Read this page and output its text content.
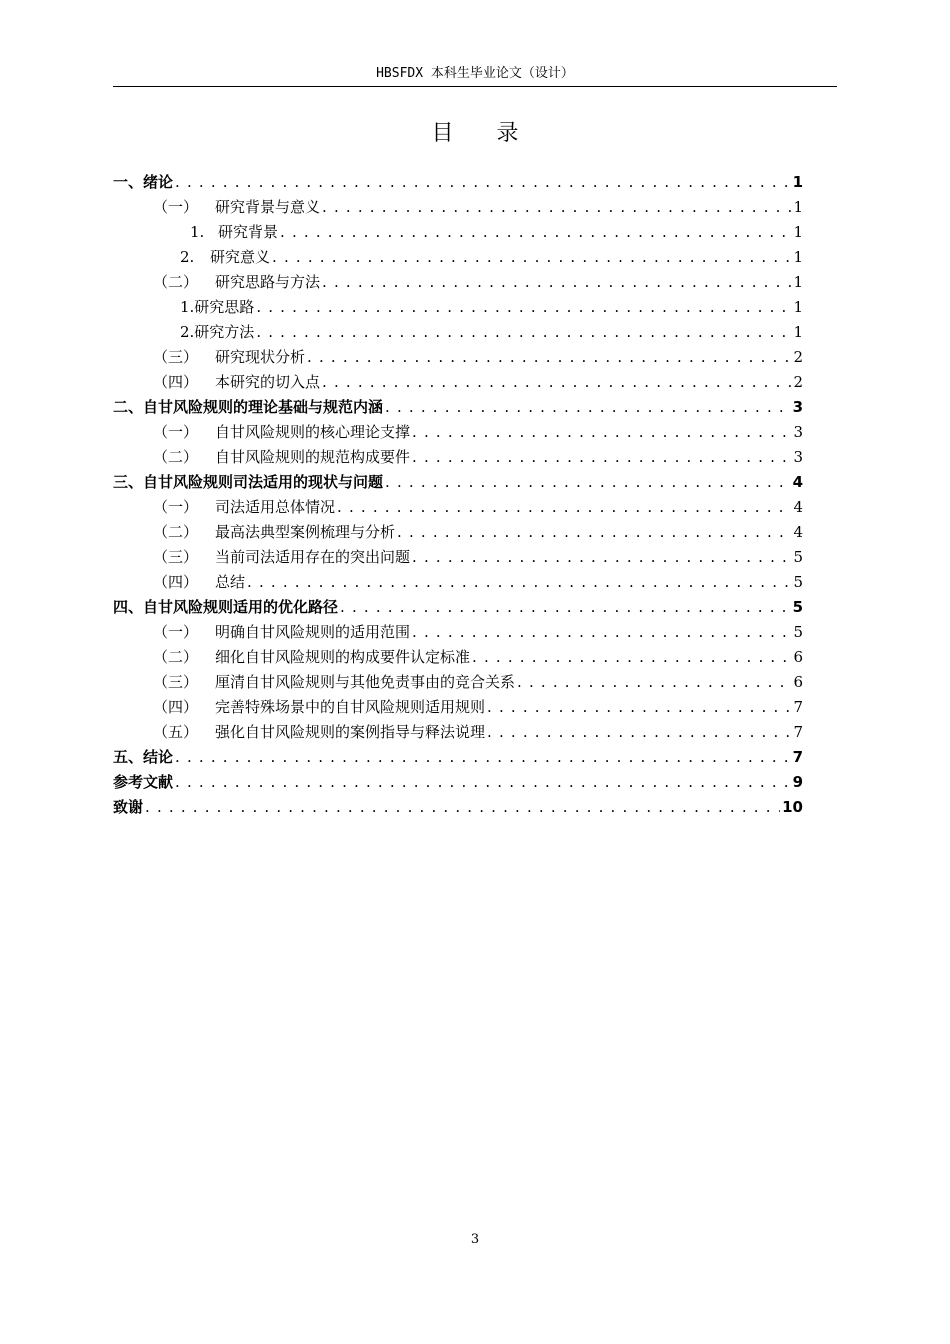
HBSFDX 本科生毕业论文（设计）
目 录
一、绪论 . . .	1
（一）	研究背景与意义 . . .	1
1. 研究背景 . . .	1
2.	研究意义 . . .	1
（二）	研究思路与方法 . . .	1
1.研究思路 . . .	1
2.研究方法 . . .	1
（三）	研究现状分析 . . .	2
（四）	本研究的切入点 . . .	2
二、自甘风险规则的理论基础与规范内涵 . . .	3
（一）	自甘风险规则的核心理论支撑 . . .	3
（二）	自甘风险规则的规范构成要件 . . .	3
三、自甘风险规则司法适用的现状与问题 . . .	4
（一）	司法适用总体情况 . . .	4
（二）	最高法典型案例梳理与分析 . . .	4
（三）	当前司法适用存在的突出问题 . . .	5
（四）	总结 . . .	5
四、自甘风险规则适用的优化路径 . . .	5
（一）	明确自甘风险规则的适用范围 . . .	5
（二）	细化自甘风险规则的构成要件认定标准 . . .	6
（三）	厘清自甘风险规则与其他免责事由的竞合关系 . . .	6
（四）	完善特殊场景中的自甘风险规则适用规则 . . .	7
（五）	强化自甘风险规则的案例指导与释法说理 . . .	7
五、结论 . . .	7
参考文献 . . .	9
致谢 . . .	10
3
